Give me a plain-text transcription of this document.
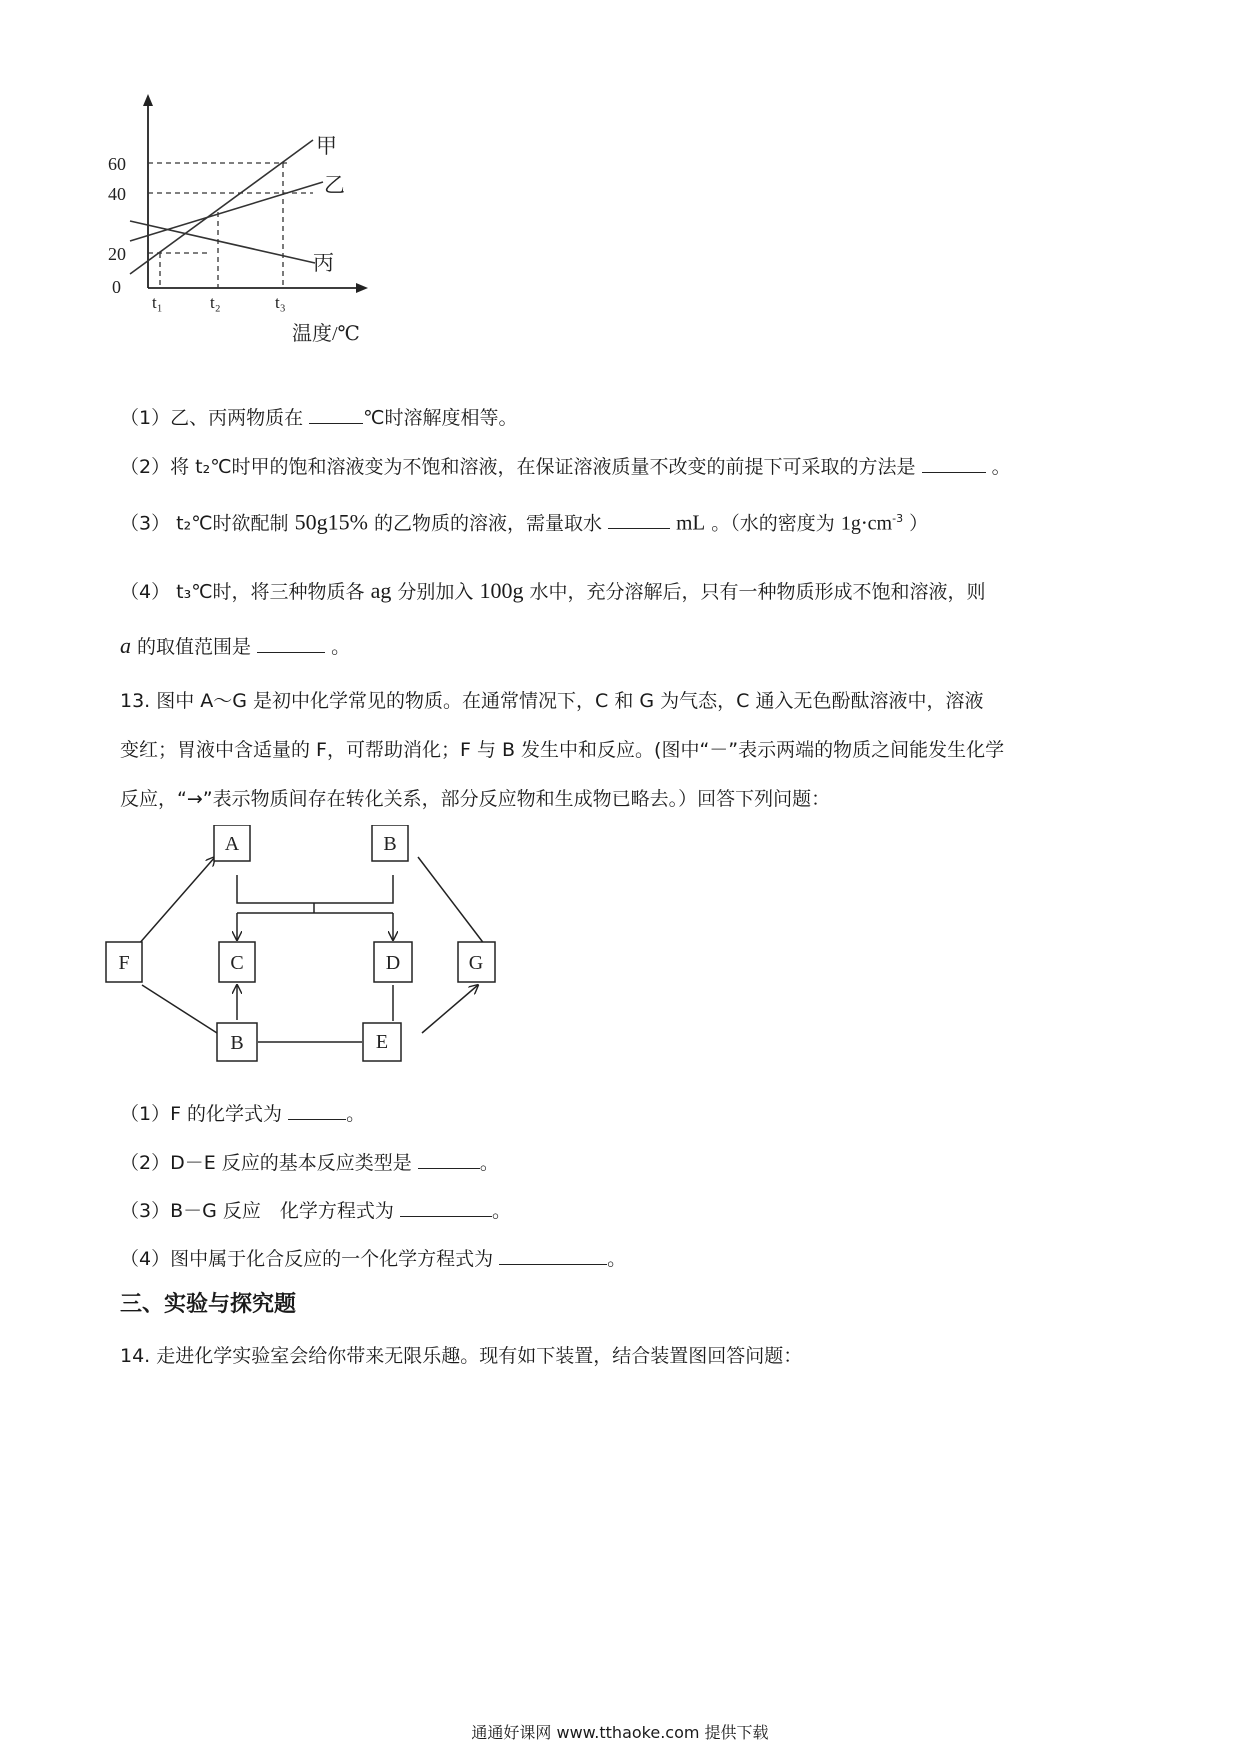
60
40
20
0
t₁	t₂	t₃
甲
乙
丙
温度/℃
（1）乙、丙两物质在	℃时溶解度相等。
（2）将 t₂℃时甲的饱和溶液变为不饱和溶液，在保证溶液质量不改变的前提下可采取的方法是	。
（3） t₂℃时欲配制 50g15% 的乙物质的溶液，需量取水	mL 。（水的密度为 $1g\cdot cm^{-3}$ ）
（4） t₃℃时，将三种物质各 ag 分别加入 100g 水中，充分溶解后，只有一种物质形成不饱和溶液，则
a 的取值范围是	。
13. 图中 A～G 是初中化学常见的物质。在通常情况下，C 和 G 为气态，C 通入无色酚酞溶液中，溶液
变红；胃液中含适量的 F，可帮助消化；F 与 B 发生中和反应。(图中“－”表示两端的物质之间能发生化学
反应，“→”表示物质间存在转化关系，部分反应物和生成物已略去。）回答下列问题：
A	B
F	C	D	G
B	E
（1）F 的化学式为	。
（2）D－E 反应的基本反应类型是	。
（3）B－G 反应　化学方程式为	。
（4）图中属于化合反应的一个化学方程式为	。
三、实验与探究题
14. 走进化学实验室会给你带来无限乐趣。现有如下装置，结合装置图回答问题：
通通好课网 www.tthaoke.com 提供下载
